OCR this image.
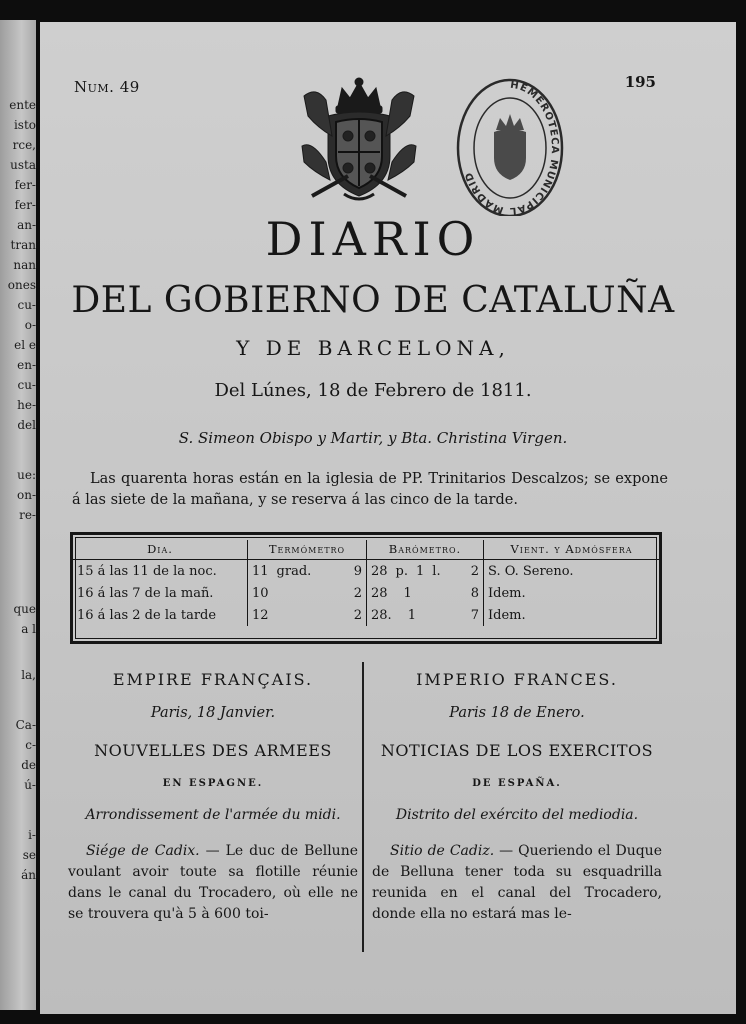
ente
isto
rce,
usta
fer-
fer-
an-
tran
nan
ones
cu-
o-
el e
en-
cu-
he-
del
ue:
on-
re-
que
a l
la,
Ca-
c-
de
ú-
i-
se
án
Num. 49	195
HEMEROTECA MUNICIPAL MADRID
DIARIO
DEL GOBIERNO DE CATALUÑA
Y DE BARCELONA,
Del Lúnes, 18 de Febrero de 1811.
S. Simeon Obispo y Martir, y Bta. Christina Virgen.
Las quarenta horas están en la iglesia de PP. Trinitarios Descalzos; se expone á las siete de la mañana, y se reserva á las cinco de la tarde.
Dia.	Termómetro	Barómetro.	Vient. y Admósfera
15 á las 11 de la noc.	11 grad. 9	28 p. 1 l. 2	S. O. Sereno.
16 á las 7 de la mañ.	10 2	28 1 8	Idem.
16 á las 2 de la tarde	12 2	28. 1 7	Idem.
EMPIRE FRANÇAIS.
Paris, 18 Janvier.
NOUVELLES DES ARMEES
EN ESPAGNE.
Arrondissement de l'armée du midi.
Siége de Cadix. — Le duc de Bellune voulant avoir toute sa flotille réunie dans le canal du Trocadero, où elle ne se trouvera qu'à 5 à 600 toi-
IMPERIO FRANCES.
Paris 18 de Enero.
NOTICIAS DE LOS EXERCITOS
DE ESPAÑA.
Distrito del exército del mediodia.
Sitio de Cadiz. — Queriendo el Duque de Belluna tener toda su esquadrilla reunida en el canal del Trocadero, donde ella no estará mas le-
